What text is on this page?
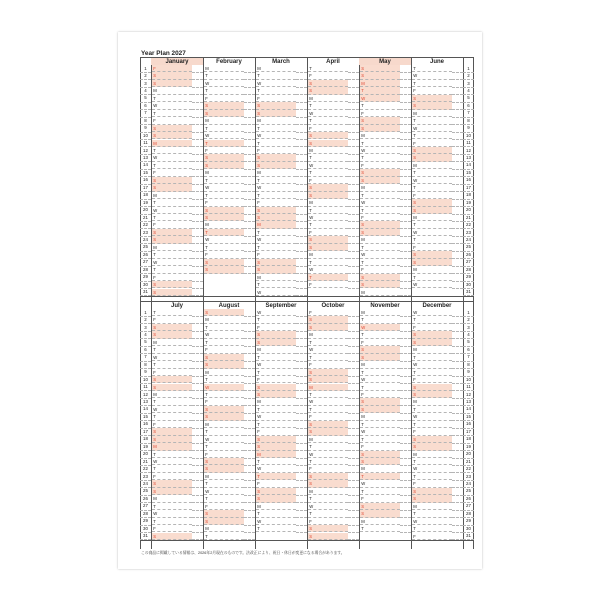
Year Plan 2027
1
2
3
4
5
6
7
8
9
10
11
12
13
14
15
16
17
18
19
20
21
22
23
24
25
26
27
28
29
30
31
January
F
S
S
M
T
W
T
F
S
S
M
T
W
T
F
S
S
M
T
W
T
F
S
S
M
T
W
T
F
S
S
February
M
T
W
T
F
S
S
M
T
W
T
F
S
S
M
T
W
T
F
S
S
M
T
W
T
F
S
S
March
M
T
W
T
F
S
S
M
T
W
T
F
S
S
M
T
W
T
F
S
S
M
T
W
T
F
S
S
M
T
W
April
T
F
S
S
M
T
W
T
F
S
S
M
T
W
T
F
S
S
M
T
W
T
F
S
S
M
T
W
T
F
May
S
S
M
T
W
T
F
S
S
M
T
W
T
F
S
S
M
T
W
T
F
S
S
M
T
W
T
F
S
S
M
June
T
W
T
F
S
S
M
T
W
T
F
S
S
M
T
W
T
F
S
S
M
T
W
T
F
S
S
M
T
W
1
2
3
4
5
6
7
8
9
10
11
12
13
14
15
16
17
18
19
20
21
22
23
24
25
26
27
28
29
30
31
1
2
3
4
5
6
7
8
9
10
11
12
13
14
15
16
17
18
19
20
21
22
23
24
25
26
27
28
29
30
31
July
T
F
S
S
M
T
W
T
F
S
S
M
T
W
T
F
S
S
M
T
W
T
F
S
S
M
T
W
T
F
S
August
S
M
T
W
T
F
S
S
M
T
W
T
F
S
S
M
T
W
T
F
S
S
M
T
W
T
F
S
S
M
T
September
W
T
F
S
S
M
T
W
T
F
S
S
M
T
W
T
F
S
S
M
T
W
T
F
S
S
M
T
W
T
October
F
S
S
M
T
W
T
F
S
S
M
T
W
T
F
S
S
M
T
W
T
F
S
S
M
T
W
T
F
S
S
November
M
T
W
T
F
S
S
M
T
W
T
F
S
S
M
T
W
T
F
S
S
M
T
W
T
F
S
S
M
T
December
W
T
F
S
S
M
T
W
T
F
S
S
M
T
W
T
F
S
S
M
T
W
T
F
S
S
M
T
W
T
F
1
2
3
4
5
6
7
8
9
10
11
12
13
14
15
16
17
18
19
20
21
22
23
24
25
26
27
28
29
30
31
この商品に掲載している情報は、2026年2月現在のものです。法改正により、祝日・休日が変更になる場合があります。
